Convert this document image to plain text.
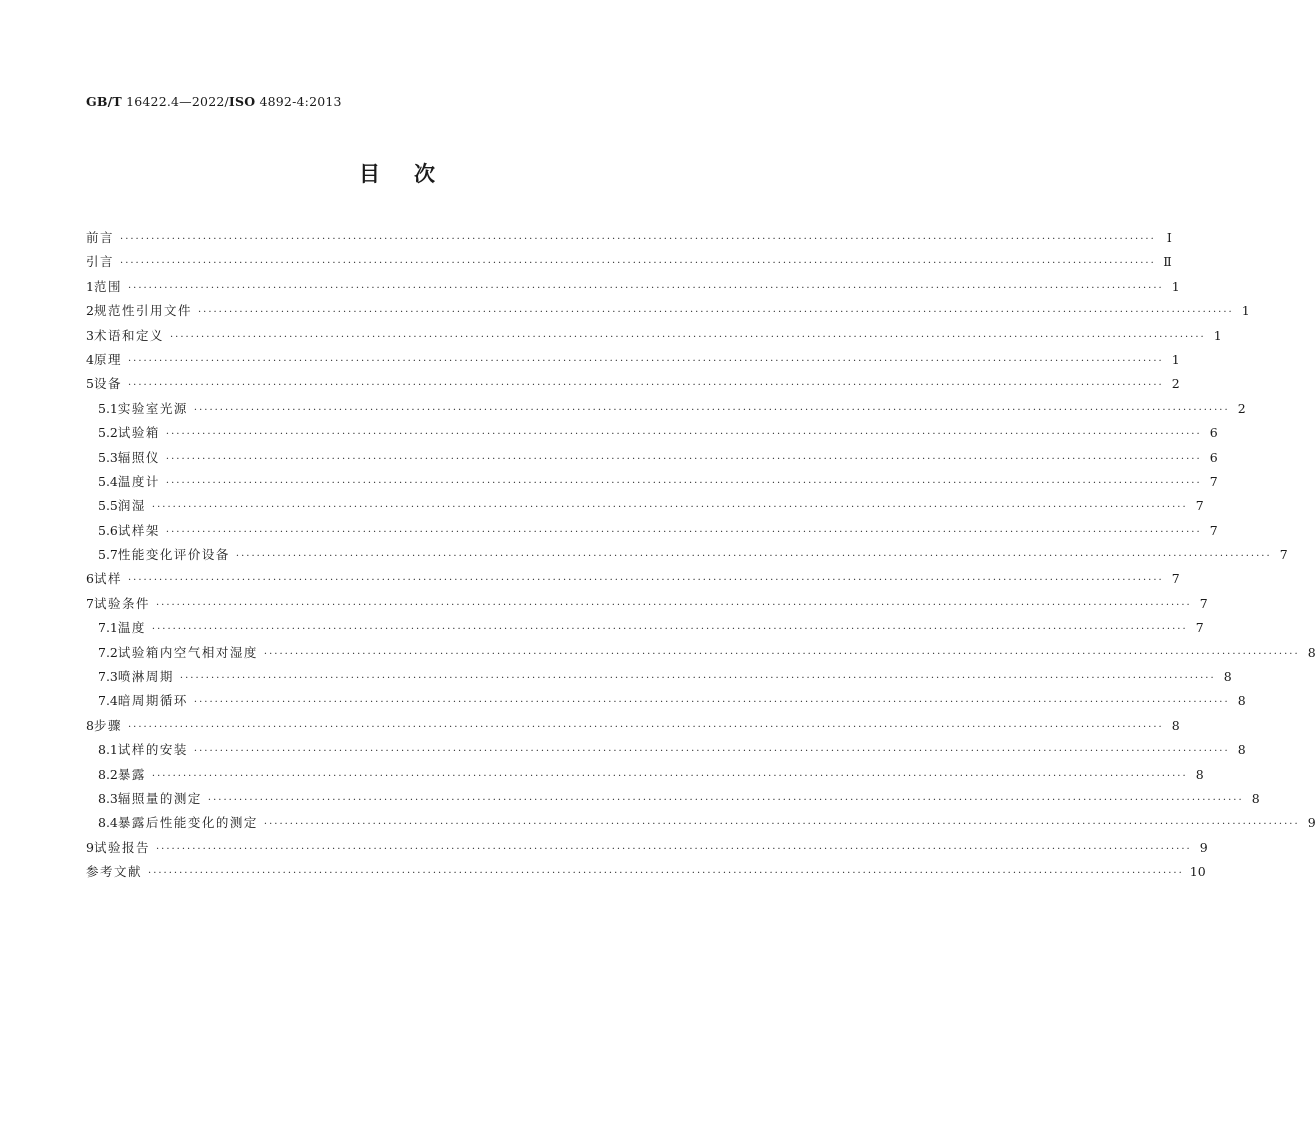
GB/T 16422.4—2022/ISO 4892-4:2013
目次
前言 ········································································································································································································ Ⅰ
引言 ········································································································································································································ Ⅱ
1 范围 ········································································································································································································ 1
2 规范性引用文件 ········································································································································································································ 1
3 术语和定义 ········································································································································································································ 1
4 原理 ········································································································································································································ 1
5 设备 ········································································································································································································ 2
5.1 实验室光源 ········································································································································································································ 2
5.2 试验箱 ········································································································································································································ 6
5.3 辐照仪 ········································································································································································································ 6
5.4 温度计 ········································································································································································································ 7
5.5 润湿 ········································································································································································································ 7
5.6 试样架 ········································································································································································································ 7
5.7 性能变化评价设备 ········································································································································································································ 7
6 试样 ········································································································································································································ 7
7 试验条件 ········································································································································································································ 7
7.1 温度 ········································································································································································································ 7
7.2 试验箱内空气相对湿度 ········································································································································································································ 8
7.3 喷淋周期 ········································································································································································································ 8
7.4 暗周期循环 ········································································································································································································ 8
8 步骤 ········································································································································································································ 8
8.1 试样的安装 ········································································································································································································ 8
8.2 暴露 ········································································································································································································ 8
8.3 辐照量的测定 ········································································································································································································ 8
8.4 暴露后性能变化的测定 ········································································································································································································ 9
9 试验报告 ········································································································································································································ 9
参考文献 ········································································································································································································ 10
